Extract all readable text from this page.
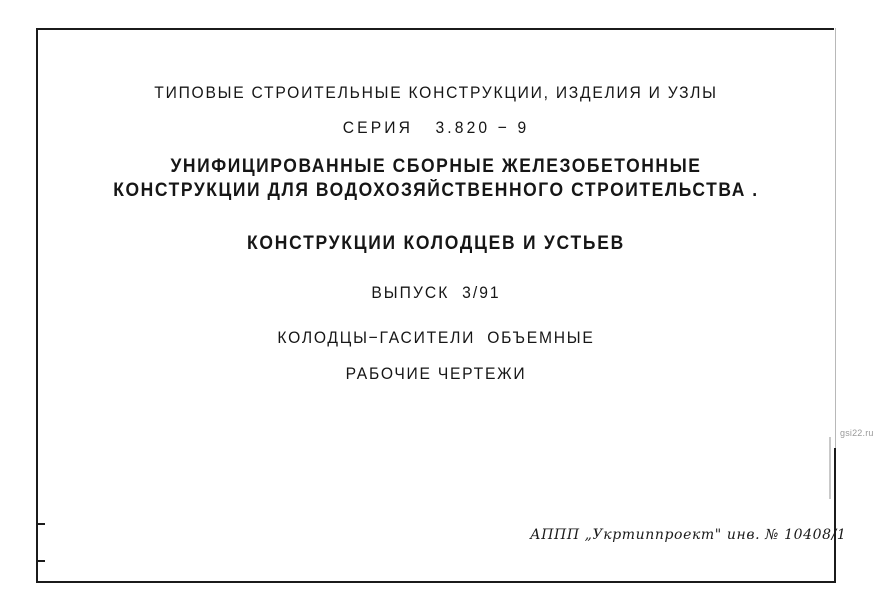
ТИПОВЫЕ СТРОИТЕЛЬНЫЕ КОНСТРУКЦИИ, ИЗДЕЛИЯ И УЗЛЫ
СЕРИЯ   3.820 − 9
УНИФИЦИРОВАННЫЕ СБОРНЫЕ ЖЕЛЕЗОБЕТОННЫЕ
КОНСТРУКЦИИ ДЛЯ ВОДОХОЗЯЙСТВЕННОГО СТРОИТЕЛЬСТВА .
КОНСТРУКЦИИ КОЛОДЦЕВ И УСТЬЕВ
ВЫПУСК  3/91
КОЛОДЦЫ−ГАСИТЕЛИ  ОБЪЕМНЫЕ
РАБОЧИЕ ЧЕРТЕЖИ
АППП „Укртиппроект" инв. № 10408/1
gsi22.ru
